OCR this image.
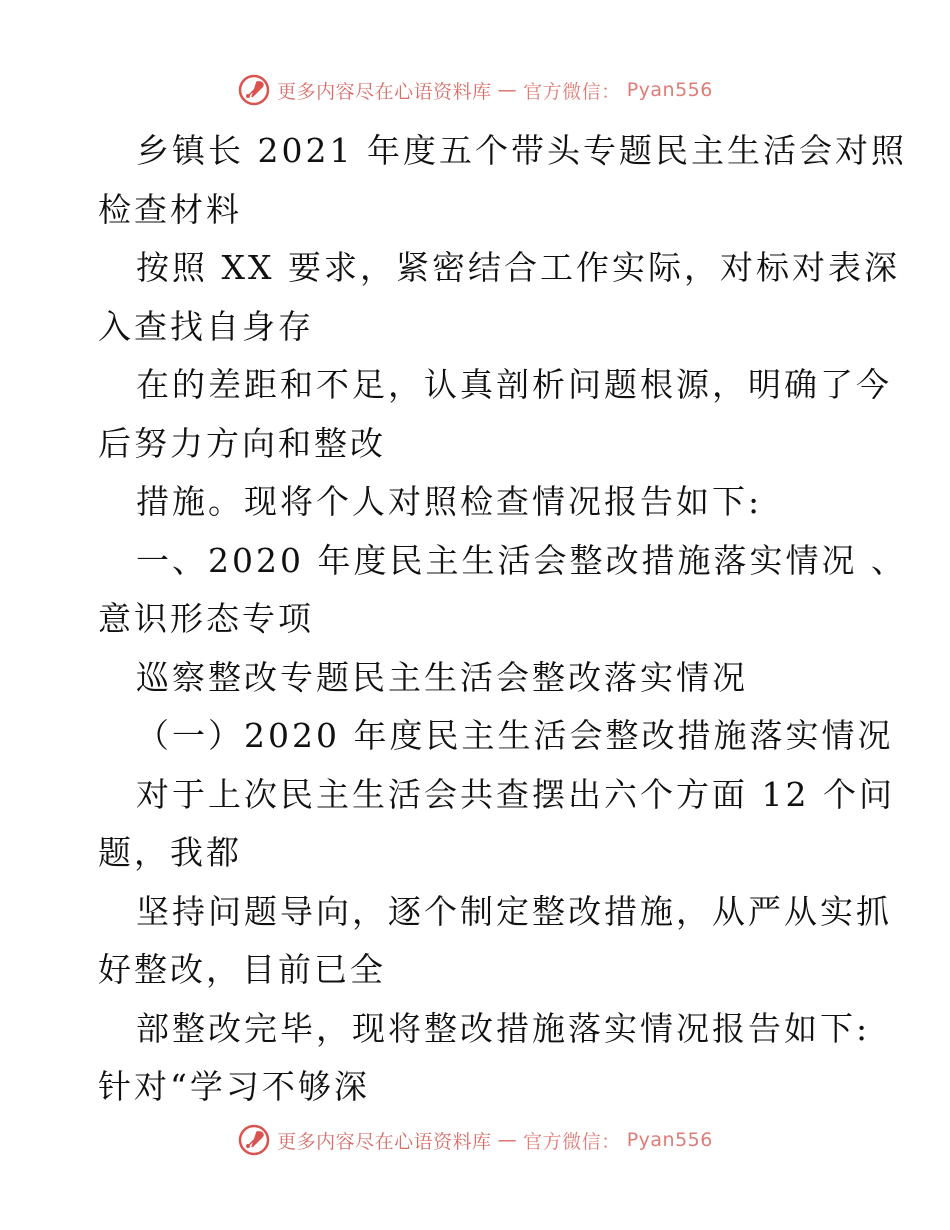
更多内容尽在心语资料库 — 官方微信： Pyan556

乡镇长 2021 年度五个带头专题民主生活会对照

检查材料

按照 XX 要求，紧密结合工作实际，对标对表深

入查找自身存

在的差距和不足，认真剖析问题根源，明确了今

后努力方向和整改

措施。现将个人对照检查情况报告如下:

一、2020 年度民主生活会整改措施落实情况 、

意识形态专项

巡察整改专题民主生活会整改落实情况

（一）2020 年度民主生活会整改措施落实情况

对于上次民主生活会共查摆出六个方面 12 个问

题，我都

坚持问题导向，逐个制定整改措施，从严从实抓

好整改，目前已全

部整改完毕，现将整改措施落实情况报告如下:

针对“学习不够深

更多内容尽在心语资料库 — 官方微信： Pyan556
